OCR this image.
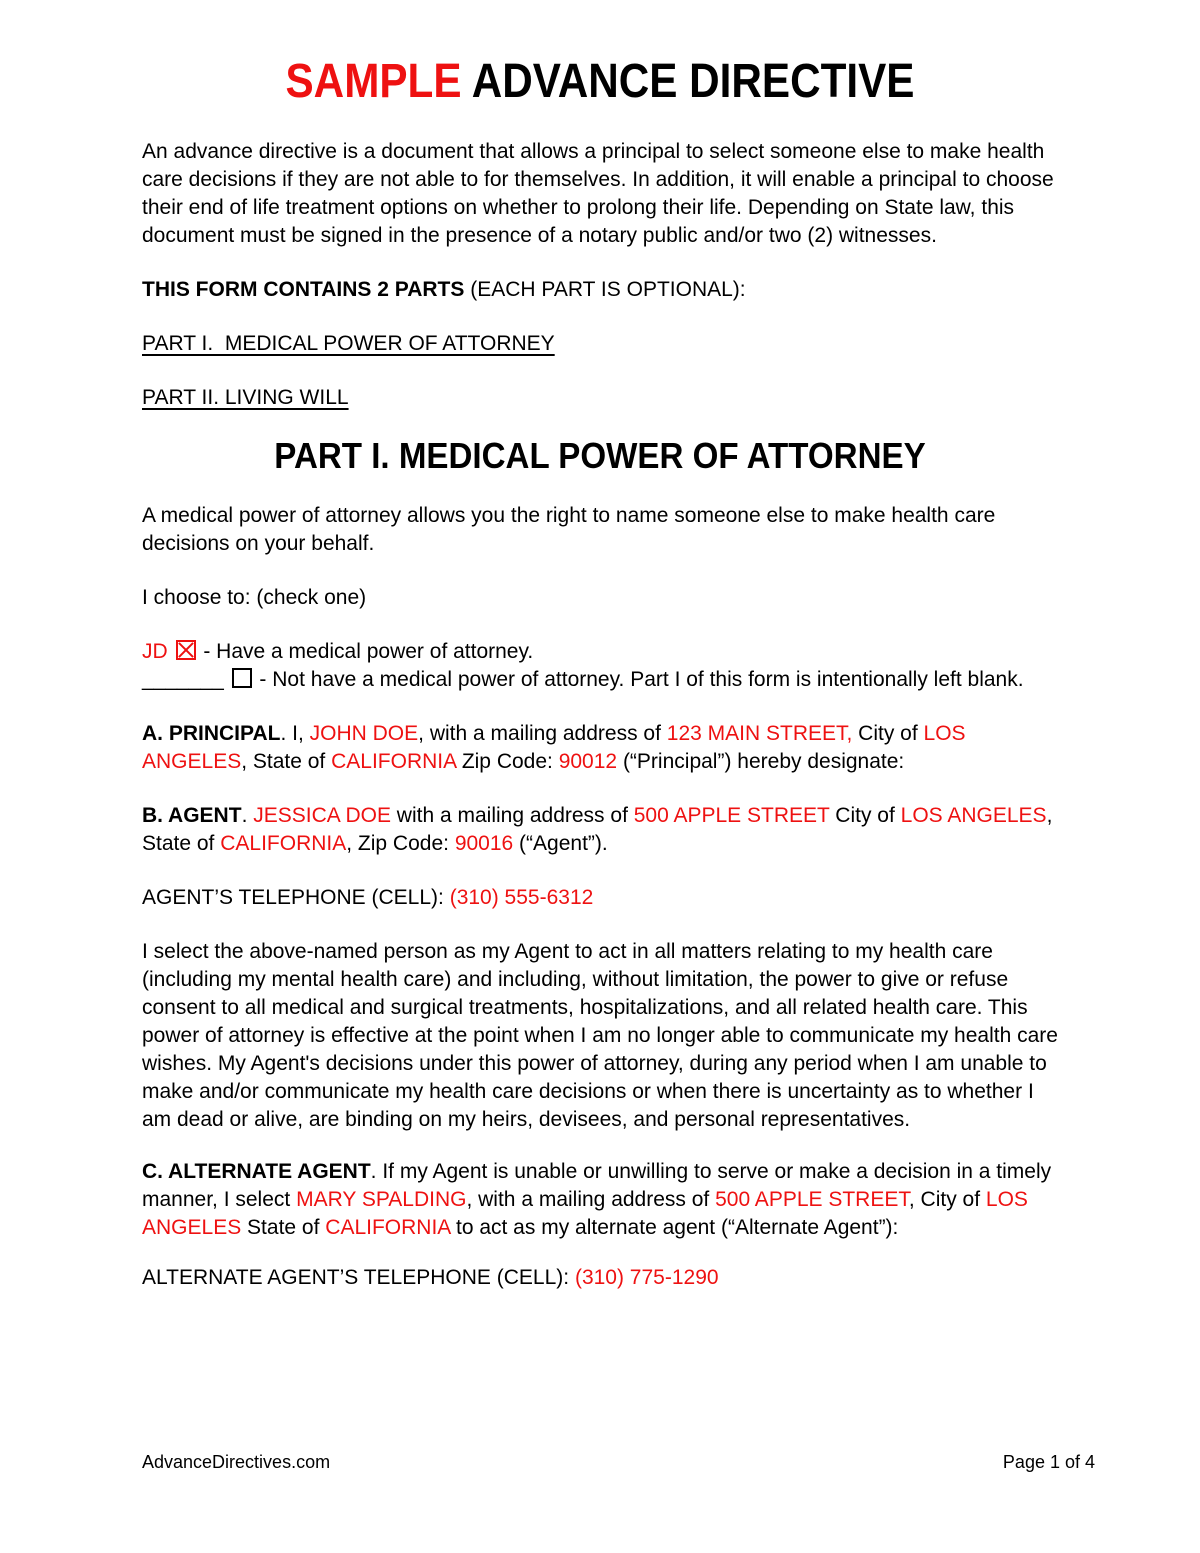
SAMPLE ADVANCE DIRECTIVE

An advance directive is a document that allows a principal to select someone else to make health care decisions if they are not able to for themselves. In addition, it will enable a principal to choose their end of life treatment options on whether to prolong their life. Depending on State law, this document must be signed in the presence of a notary public and/or two (2) witnesses.

THIS FORM CONTAINS 2 PARTS (EACH PART IS OPTIONAL):

PART I.  MEDICAL POWER OF ATTORNEY

PART II. LIVING WILL

PART I. MEDICAL POWER OF ATTORNEY

A medical power of attorney allows you the right to name someone else to make health care decisions on your behalf.

I choose to: (check one)

JD  - Have a medical power of attorney.
_______  - Not have a medical power of attorney. Part I of this form is intentionally left blank.

A. PRINCIPAL. I, JOHN DOE, with a mailing address of 123 MAIN STREET, City of LOS ANGELES, State of CALIFORNIA Zip Code: 90012 (“Principal”) hereby designate:

B. AGENT. JESSICA DOE with a mailing address of 500 APPLE STREET City of LOS ANGELES, State of CALIFORNIA, Zip Code: 90016 (“Agent”).

AGENT’S TELEPHONE (CELL): (310) 555-6312

I select the above-named person as my Agent to act in all matters relating to my health care (including my mental health care) and including, without limitation, the power to give or refuse consent to all medical and surgical treatments, hospitalizations, and all related health care. This power of attorney is effective at the point when I am no longer able to communicate my health care wishes. My Agent's decisions under this power of attorney, during any period when I am unable to make and/or communicate my health care decisions or when there is uncertainty as to whether I am dead or alive, are binding on my heirs, devisees, and personal representatives.

C. ALTERNATE AGENT. If my Agent is unable or unwilling to serve or make a decision in a timely manner, I select MARY SPALDING, with a mailing address of 500 APPLE STREET, City of LOS ANGELES State of CALIFORNIA to act as my alternate agent (“Alternate Agent”):

ALTERNATE AGENT’S TELEPHONE (CELL): (310) 775-1290

AdvanceDirectives.com	Page 1 of 4
